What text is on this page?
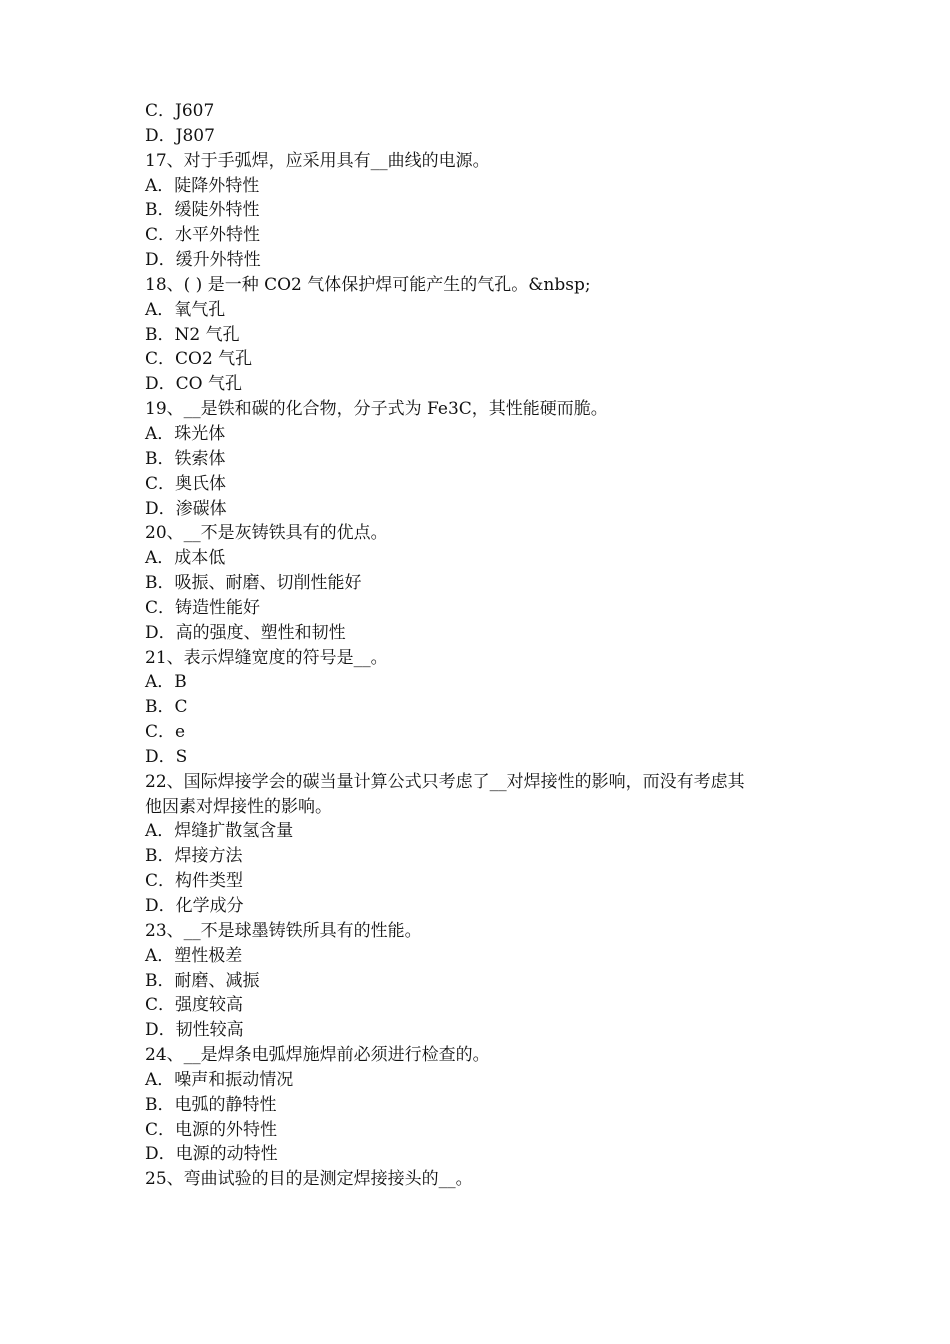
C．J607

D．J807

17、对于手弧焊，应采用具有__曲线的电源。

A．陡降外特性

B．缓陡外特性

C．水平外特性

D．缓升外特性

18、( ) 是一种 CO2 气体保护焊可能产生的气孔。&nbsp;

A．氧气孔

B．N2 气孔

C．CO2 气孔

D．CO 气孔

19、__是铁和碳的化合物，分子式为 Fe3C，其性能硬而脆。

A．珠光体

B．铁索体

C．奥氏体

D．渗碳体

20、__不是灰铸铁具有的优点。

A．成本低

B．吸振、耐磨、切削性能好

C．铸造性能好

D．高的强度、塑性和韧性

21、表示焊缝宽度的符号是__。

A．B

B．C

C．e

D．S

22、国际焊接学会的碳当量计算公式只考虑了__对焊接性的影响，而没有考虑其

他因素对焊接性的影响。

A．焊缝扩散氢含量

B．焊接方法

C．构件类型

D．化学成分

23、__不是球墨铸铁所具有的性能。

A．塑性极差

B．耐磨、减振

C．强度较高

D．韧性较高

24、__是焊条电弧焊施焊前必须进行检查的。

A．噪声和振动情况

B．电弧的静特性

C．电源的外特性

D．电源的动特性

25、弯曲试验的目的是测定焊接接头的__。
